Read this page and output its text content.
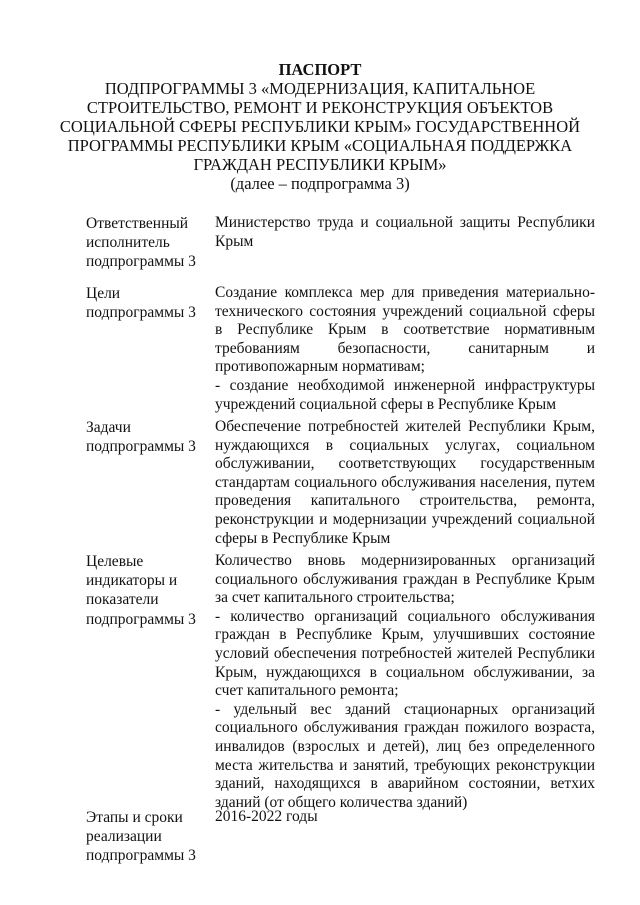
ПАСПОРТ
ПОДПРОГРАММЫ 3 «МОДЕРНИЗАЦИЯ, КАПИТАЛЬНОЕ
СТРОИТЕЛЬСТВО, РЕМОНТ И РЕКОНСТРУКЦИЯ ОБЪЕКТОВ
СОЦИАЛЬНОЙ СФЕРЫ РЕСПУБЛИКИ КРЫМ» ГОСУДАРСТВЕННОЙ
ПРОГРАММЫ РЕСПУБЛИКИ КРЫМ «СОЦИАЛЬНАЯ ПОДДЕРЖКА
ГРАЖДАН РЕСПУБЛИКИ КРЫМ»
(далее – подпрограмма 3)
Ответственный
исполнитель
подпрограммы 3

Министерство труда и социальной защиты Республики Крым

Цели
подпрограммы 3

Создание комплекса мер для приведения материально-технического состояния учреждений социальной сферы в Республике Крым в соответствие нормативным требованиям безопасности, санитарным и противопожарным нормативам;

- создание необходимой инженерной инфраструктуры учреждений социальной сферы в Республике Крым

Задачи
подпрограммы 3

Обеспечение потребностей жителей Республики Крым, нуждающихся в социальных услугах, социальном обслуживании, соответствующих государственным стандартам социального обслуживания населения, путем проведения капитального строительства, ремонта, реконструкции и модернизации учреждений социальной сферы в Республике Крым

Целевые
индикаторы и
показатели
подпрограммы 3

Количество вновь модернизированных организаций социального обслуживания граждан в Республике Крым за счет капитального строительства;

- количество организаций социального обслуживания граждан в Республике Крым, улучшивших состояние условий обеспечения потребностей жителей Республики Крым, нуждающихся в социальном обслуживании, за счет капитального ремонта;

- удельный вес зданий стационарных организаций социального обслуживания граждан пожилого возраста, инвалидов (взрослых и детей), лиц без определенного места жительства и занятий, требующих реконструкции зданий, находящихся в аварийном состоянии, ветхих зданий (от общего количества зданий)

Этапы и сроки
реализации
подпрограммы 3

2016-2022 годы
